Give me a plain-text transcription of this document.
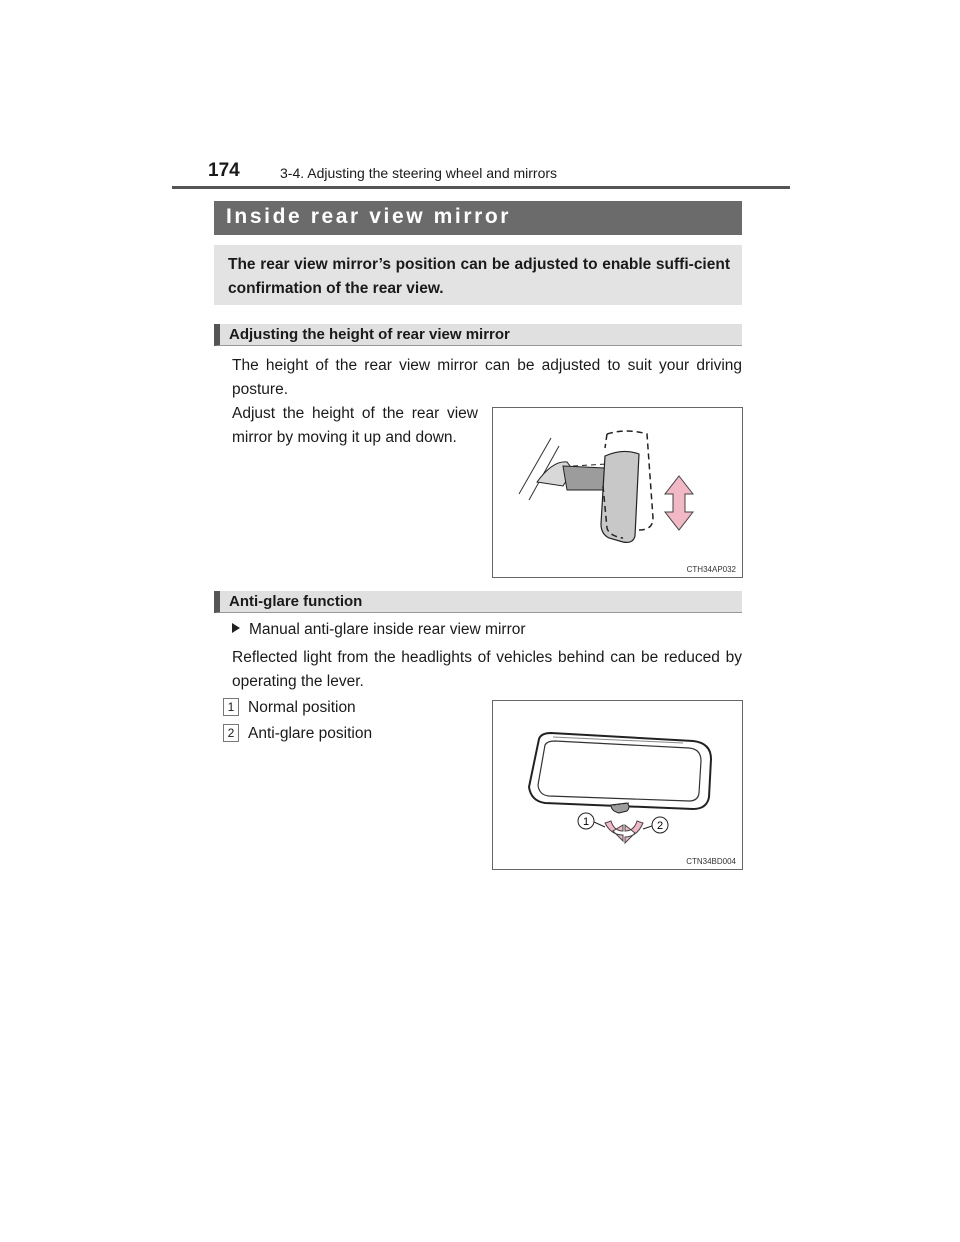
174	3-4. Adjusting the steering wheel and mirrors
Inside rear view mirror
The rear view mirror’s position can be adjusted to enable suffi-cient confirmation of the rear view.
Adjusting the height of rear view mirror
The height of the rear view mirror can be adjusted to suit your driving posture.
Adjust the height of the rear view mirror by moving it up and down.
CTH34AP032
Anti-glare function
Manual anti-glare inside rear view mirror
Reflected light from the headlights of vehicles behind can be reduced by operating the lever.
1 Normal position
2 Anti-glare position
1	2
CTN34BD004
